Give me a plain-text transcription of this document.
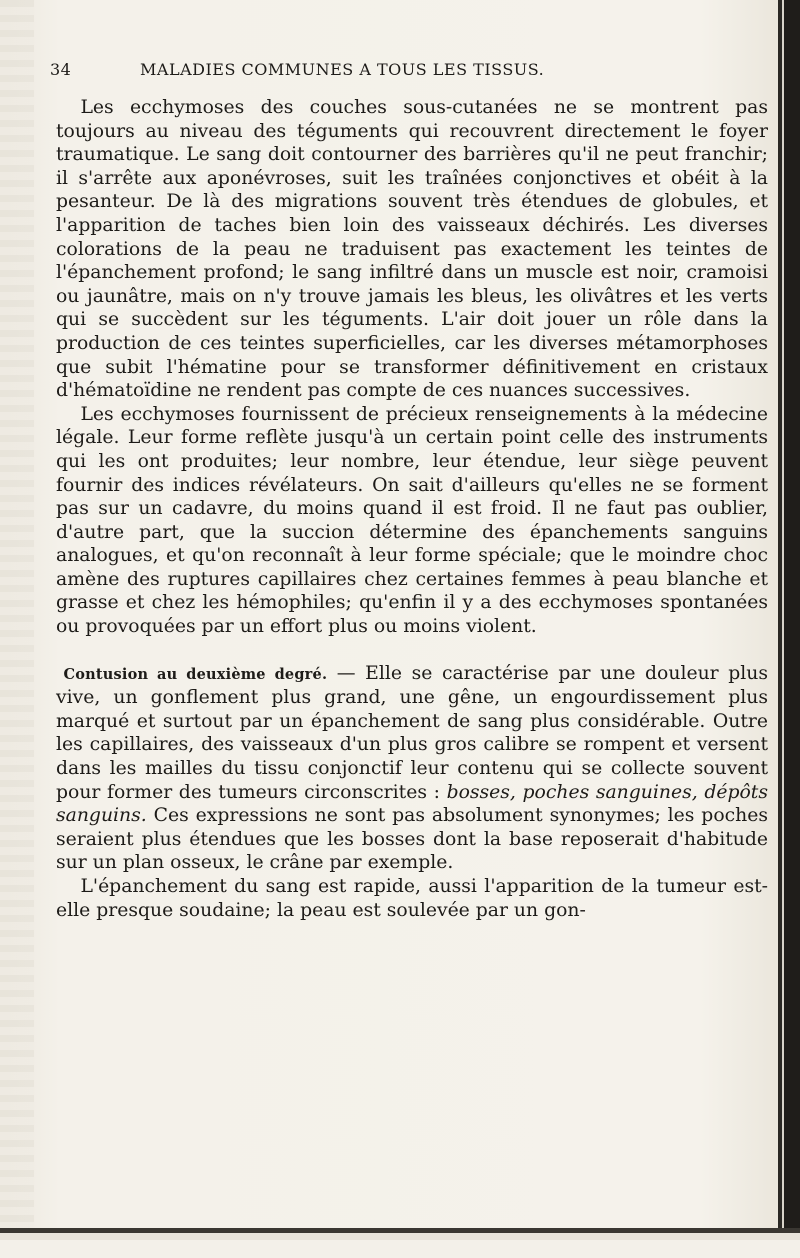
34	MALADIES COMMUNES A TOUS LES TISSUS.

Les ecchymoses des couches sous-cutanées ne se montrent pas toujours au niveau des téguments qui recouvrent directement le foyer traumatique. Le sang doit contourner des barrières qu'il ne peut franchir; il s'arrête aux aponévroses, suit les traînées conjonctives et obéit à la pesanteur. De là des migrations souvent très étendues de globules, et l'apparition de taches bien loin des vaisseaux déchirés. Les diverses colorations de la peau ne traduisent pas exactement les teintes de l'épanchement profond; le sang infiltré dans un muscle est noir, cramoisi ou jaunâtre, mais on n'y trouve jamais les bleus, les olivâtres et les verts qui se succèdent sur les téguments. L'air doit jouer un rôle dans la production de ces teintes superficielles, car les diverses métamorphoses que subit l'hématine pour se transformer définitivement en cristaux d'hématoïdine ne rendent pas compte de ces nuances successives.

Les ecchymoses fournissent de précieux renseignements à la médecine légale. Leur forme reflète jusqu'à un certain point celle des instruments qui les ont produites; leur nombre, leur étendue, leur siège peuvent fournir des indices révélateurs. On sait d'ailleurs qu'elles ne se forment pas sur un cadavre, du moins quand il est froid. Il ne faut pas oublier, d'autre part, que la succion détermine des épanchements sanguins analogues, et qu'on reconnaît à leur forme spéciale; que le moindre choc amène des ruptures capillaires chez certaines femmes à peau blanche et grasse et chez les hémophiles; qu'enfin il y a des ecchymoses spontanées ou provoquées par un effort plus ou moins violent.

Contusion au deuxième degré. — Elle se caractérise par une douleur plus vive, un gonflement plus grand, une gêne, un engourdissement plus marqué et surtout par un épanchement de sang plus considérable. Outre les capillaires, des vaisseaux d'un plus gros calibre se rompent et versent dans les mailles du tissu conjonctif leur contenu qui se collecte souvent pour former des tumeurs circonscrites : bosses, poches sanguines, dépôts sanguins. Ces expressions ne sont pas absolument synonymes; les poches seraient plus étendues que les bosses dont la base reposerait d'habitude sur un plan osseux, le crâne par exemple.

L'épanchement du sang est rapide, aussi l'apparition de la tumeur est-elle presque soudaine; la peau est soulevée par un gon-
